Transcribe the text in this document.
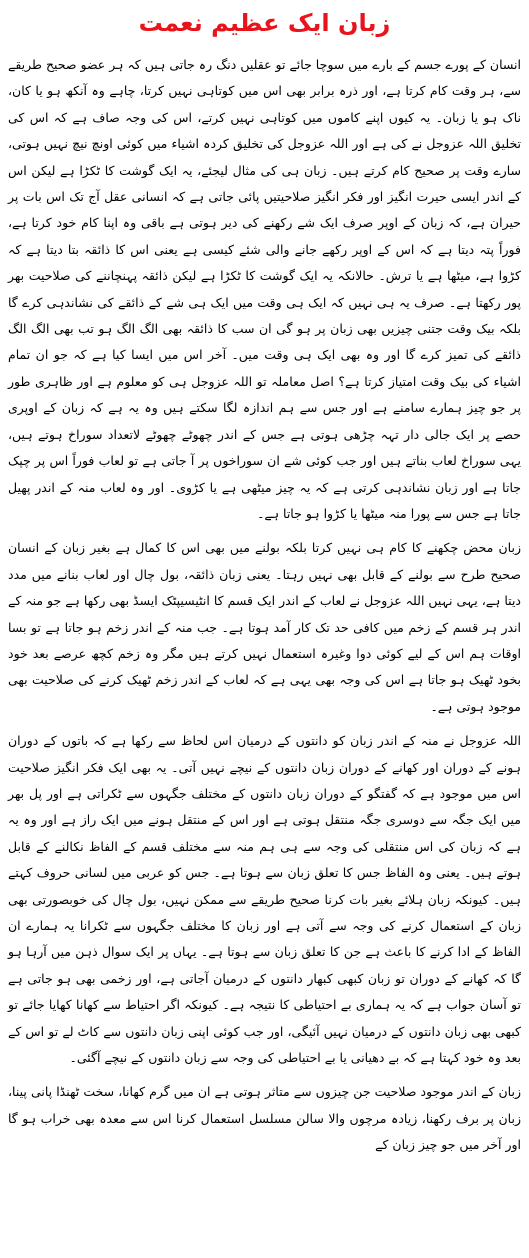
زبان ایک عظیم نعمت

انسان کے پورے جسم کے بارے میں سوچا جائے تو عقلیں دنگ رہ جاتی ہیں کہ ہر عضو صحیح طریقے سے، ہر وقت کام کرتا ہے، اور ذرہ برابر بھی اس میں کوتاہی نہیں کرتا، چاہے وہ آنکھ ہو یا کان، ناک ہو یا زبان۔ یہ کیوں اپنے کاموں میں کوتاہی نہیں کرتے، اس کی وجہ صاف ہے کہ اس کی تخلیق اللہ عزوجل نے کی ہے اور اللہ عزوجل کی تخلیق کردہ اشیاء میں کوئی اونچ نیچ نہیں ہوتی، سارے وقت پر صحیح کام کرتے ہیں۔ زبان ہی کی مثال لیجئے، یہ ایک گوشت کا ٹکڑا ہے لیکن اس کے اندر ایسی حیرت انگیز اور فکر انگیز صلاحیتیں پائی جاتی ہے کہ انسانی عقل آج تک اس بات پر حیران ہے، کہ زبان کے اوپر صرف ایک شے رکھنے کی دیر ہوتی ہے باقی وہ اپنا کام خود کرتا ہے، فوراً پتہ دیتا ہے کہ اس کے اوپر رکھے جانے والی شئے کیسی ہے یعنی اس کا ذائقہ بتا دیتا ہے کہ کڑوا ہے، میٹھا ہے یا ترش۔ حالانکہ یہ ایک گوشت کا ٹکڑا ہے لیکن ذائقہ پہنچاننے کی صلاحیت بھر پور رکھتا ہے۔ صرف یہ ہی نہیں کہ ایک ہی وقت میں ایک ہی شے کے ذائقے کی نشاندہی کرے گا بلکہ بیک وقت جتنی چیزیں بھی زبان پر ہو گی ان سب کا ذائقہ بھی الگ الگ ہو تب بھی الگ الگ ذائقے کی تمیز کرے گا اور وہ بھی ایک ہی وقت میں۔ آخر اس میں ایسا کیا ہے کہ جو ان تمام اشیاء کی بیک وقت امتیاز کرتا ہے؟ اصل معاملہ تو اللہ عزوجل ہی کو معلوم ہے اور ظاہری طور پر جو چیز ہمارے سامنے ہے اور جس سے ہم اندازہ لگا سکتے ہیں وہ یہ ہے کہ زبان کے اوپری حصے پر ایک جالی دار تہہ چڑھی ہوتی ہے جس کے اندر چھوٹے چھوٹے لاتعداد سوراخ ہوتے ہیں، یہی سوراخ لعاب بناتے ہیں اور جب کوئی شے ان سوراخوں پر آ جاتی ہے تو لعاب فوراً اس پر چپک جاتا ہے اور زبان نشاندہی کرتی ہے کہ یہ چیز میٹھی ہے یا کڑوی۔ اور وہ لعاب منہ کے اندر پھیل جاتا ہے جس سے پورا منہ میٹھا یا کڑوا ہو جاتا ہے۔

زبان محض چکھنے کا کام ہی نہیں کرتا بلکہ بولنے میں بھی اس کا کمال ہے بغیر زبان کے انسان صحیح طرح سے بولنے کے قابل بھی نہیں رہتا۔ یعنی زبان ذائقہ، بول چال اور لعاب بنانے میں مدد دیتا ہے، یہی نہیں اللہ عزوجل نے لعاب کے اندر ایک قسم کا انٹیسیپٹک ایسڈ بھی رکھا ہے جو منہ کے اندر ہر قسم کے زخم میں کافی حد تک کار آمد ہوتا ہے۔ جب منہ کے اندر زخم ہو جاتا ہے تو بسا اوقات ہم اس کے لیے کوئی دوا وغیرہ استعمال نہیں کرتے ہیں مگر وہ زخم کچھ عرصے بعد خود بخود ٹھیک ہو جاتا ہے اس کی وجہ بھی یہی ہے کہ لعاب کے اندر زخم ٹھیک کرنے کی صلاحیت بھی موجود ہوتی ہے۔

اللہ عزوجل نے منہ کے اندر زبان کو دانتوں کے درمیان اس لحاظ سے رکھا ہے کہ باتوں کے دوران ہونے کے دوران اور کھانے کے دوران زبان دانتوں کے نیچے نہیں آتی۔ یہ بھی ایک فکر انگیز صلاحیت اس میں موجود ہے کہ گفتگو کے دوران زبان دانتوں کے مختلف جگہوں سے ٹکراتی ہے اور پل بھر میں ایک جگہ سے دوسری جگہ منتقل ہوتی ہے اور اس کے منتقل ہونے میں ایک راز ہے اور وہ یہ ہے کہ زبان کی اس منتقلی کی وجہ سے ہی ہم منہ سے مختلف قسم کے الفاظ نکالنے کے قابل ہوتے ہیں۔ یعنی وہ الفاظ جس کا تعلق زبان سے ہوتا ہے۔ جس کو عربی میں لسانی حروف کہتے ہیں۔ کیونکہ زبان ہلائے بغیر بات کرنا صحیح طریقے سے ممکن نہیں، بول چال کی خوبصورتی بھی زبان کے استعمال کرنے کی وجہ سے آتی ہے اور زبان کا مختلف جگہوں سے ٹکرانا یہ ہمارے ان الفاظ کے ادا کرنے کا باعث ہے جن کا تعلق زبان سے ہوتا ہے۔ یہاں پر ایک سوال ذہن میں آرہا ہو گا کہ کھانے کے دوران تو زبان کبھی کبھار دانتوں کے درمیان آجاتی ہے، اور زخمی بھی ہو جاتی ہے تو آسان جواب ہے کہ یہ ہماری بے احتیاطی کا نتیجہ ہے۔ کیونکہ اگر احتیاط سے کھانا کھایا جائے تو کبھی بھی زبان دانتوں کے درمیان نہیں آئیگی، اور جب کوئی اپنی زبان دانتوں سے کاٹ لے تو اس کے بعد وہ خود کہتا ہے کہ بے دھیانی یا بے احتیاطی کی وجہ سے زبان دانتوں کے نیچے آگئی۔

زبان کے اندر موجود صلاحیت جن چیزوں سے متاثر ہوتی ہے ان میں گرم کھانا، سخت ٹھنڈا پانی پینا، زبان پر برف رکھنا، زیادہ مرچوں والا سالن مسلسل استعمال کرنا اس سے معدہ بھی خراب ہو گا اور آخر میں جو چیز زبان کے
